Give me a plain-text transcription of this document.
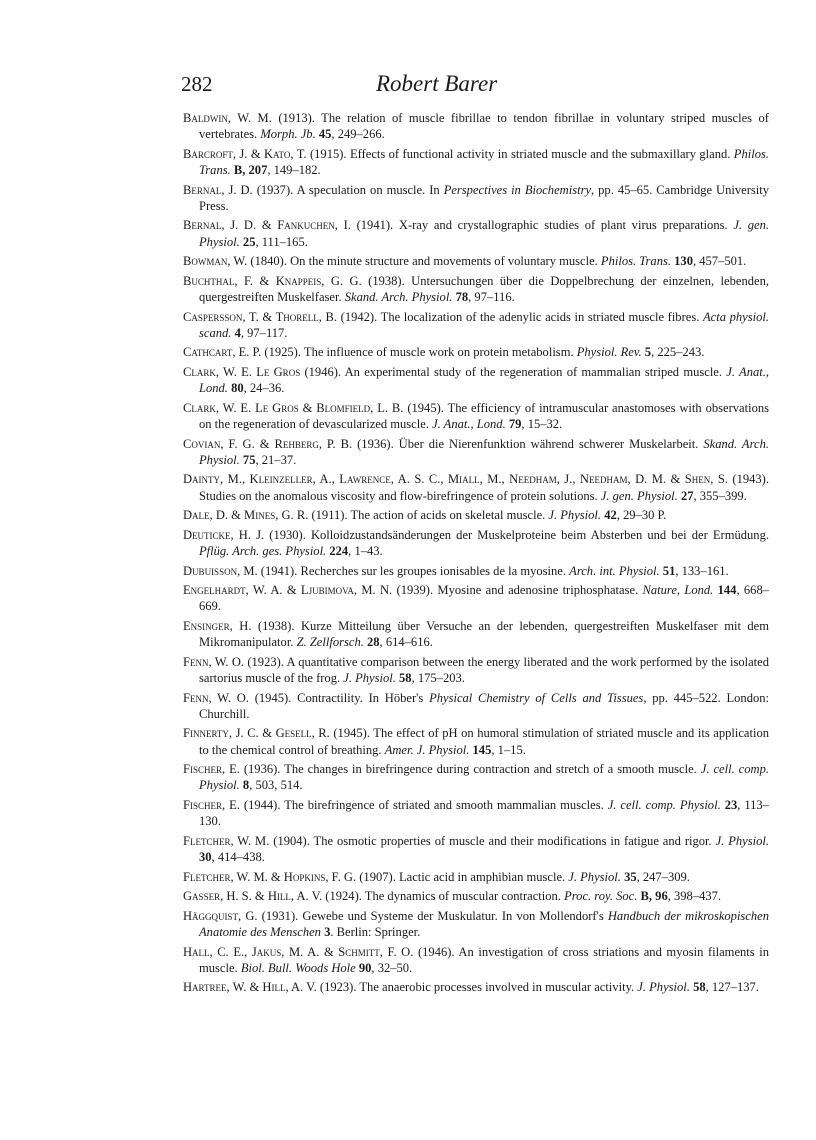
282	Robert Barer

Baldwin, W. M. (1913). The relation of muscle fibrillae to tendon fibrillae in voluntary striped muscles of vertebrates. Morph. Jb. 45, 249–266.

Barcroft, J. & Kato, T. (1915). Effects of functional activity in striated muscle and the submaxillary gland. Philos. Trans. B, 207, 149–182.

Bernal, J. D. (1937). A speculation on muscle. In Perspectives in Biochemistry, pp. 45–65. Cambridge University Press.

Bernal, J. D. & Fankuchen, I. (1941). X-ray and crystallographic studies of plant virus preparations. J. gen. Physiol. 25, 111–165.

Bowman, W. (1840). On the minute structure and movements of voluntary muscle. Philos. Trans. 130, 457–501.

Buchthal, F. & Knappeis, G. G. (1938). Untersuchungen über die Doppelbrechung der einzelnen, lebenden, quergestreiften Muskelfaser. Skand. Arch. Physiol. 78, 97–116.

Caspersson, T. & Thorell, B. (1942). The localization of the adenylic acids in striated muscle fibres. Acta physiol. scand. 4, 97–117.

Cathcart, E. P. (1925). The influence of muscle work on protein metabolism. Physiol. Rev. 5, 225–243.

Clark, W. E. Le Gros (1946). An experimental study of the regeneration of mammalian striped muscle. J. Anat., Lond. 80, 24–36.

Clark, W. E. Le Gros & Blomfield, L. B. (1945). The efficiency of intramuscular anastomoses with observations on the regeneration of devascularized muscle. J. Anat., Lond. 79, 15–32.

Covian, F. G. & Rehberg, P. B. (1936). Über die Nierenfunktion während schwerer Muskelarbeit. Skand. Arch. Physiol. 75, 21–37.

Dainty, M., Kleinzeller, A., Lawrence, A. S. C., Miall, M., Needham, J., Needham, D. M. & Shen, S. (1943). Studies on the anomalous viscosity and flow-birefringence of protein solutions. J. gen. Physiol. 27, 355–399.

Dale, D. & Mines, G. R. (1911). The action of acids on skeletal muscle. J. Physiol. 42, 29–30 P.

Deuticke, H. J. (1930). Kolloidzustandsänderungen der Muskelproteine beim Absterben und bei der Ermüdung. Pflüg. Arch. ges. Physiol. 224, 1–43.

Dubuisson, M. (1941). Recherches sur les groupes ionisables de la myosine. Arch. int. Physiol. 51, 133–161.

Engelhardt, W. A. & Ljubimova, M. N. (1939). Myosine and adenosine triphosphatase. Nature, Lond. 144, 668–669.

Ensinger, H. (1938). Kurze Mitteilung über Versuche an der lebenden, quergestreiften Muskelfaser mit dem Mikromanipulator. Z. Zellforsch. 28, 614–616.

Fenn, W. O. (1923). A quantitative comparison between the energy liberated and the work performed by the isolated sartorius muscle of the frog. J. Physiol. 58, 175–203.

Fenn, W. O. (1945). Contractility. In Höber's Physical Chemistry of Cells and Tissues, pp. 445–522. London: Churchill.

Finnerty, J. C. & Gesell, R. (1945). The effect of pH on humoral stimulation of striated muscle and its application to the chemical control of breathing. Amer. J. Physiol. 145, 1–15.

Fischer, E. (1936). The changes in birefringence during contraction and stretch of a smooth muscle. J. cell. comp. Physiol. 8, 503, 514.

Fischer, E. (1944). The birefringence of striated and smooth mammalian muscles. J. cell. comp. Physiol. 23, 113–130.

Fletcher, W. M. (1904). The osmotic properties of muscle and their modifications in fatigue and rigor. J. Physiol. 30, 414–438.

Fletcher, W. M. & Hopkins, F. G. (1907). Lactic acid in amphibian muscle. J. Physiol. 35, 247–309.

Gasser, H. S. & Hill, A. V. (1924). The dynamics of muscular contraction. Proc. roy. Soc. B, 96, 398–437.

Häggquist, G. (1931). Gewebe und Systeme der Muskulatur. In von Mollendorf's Handbuch der mikroskopischen Anatomie des Menschen 3. Berlin: Springer.

Hall, C. E., Jakus, M. A. & Schmitt, F. O. (1946). An investigation of cross striations and myosin filaments in muscle. Biol. Bull. Woods Hole 90, 32–50.

Hartree, W. & Hill, A. V. (1923). The anaerobic processes involved in muscular activity. J. Physiol. 58, 127–137.
